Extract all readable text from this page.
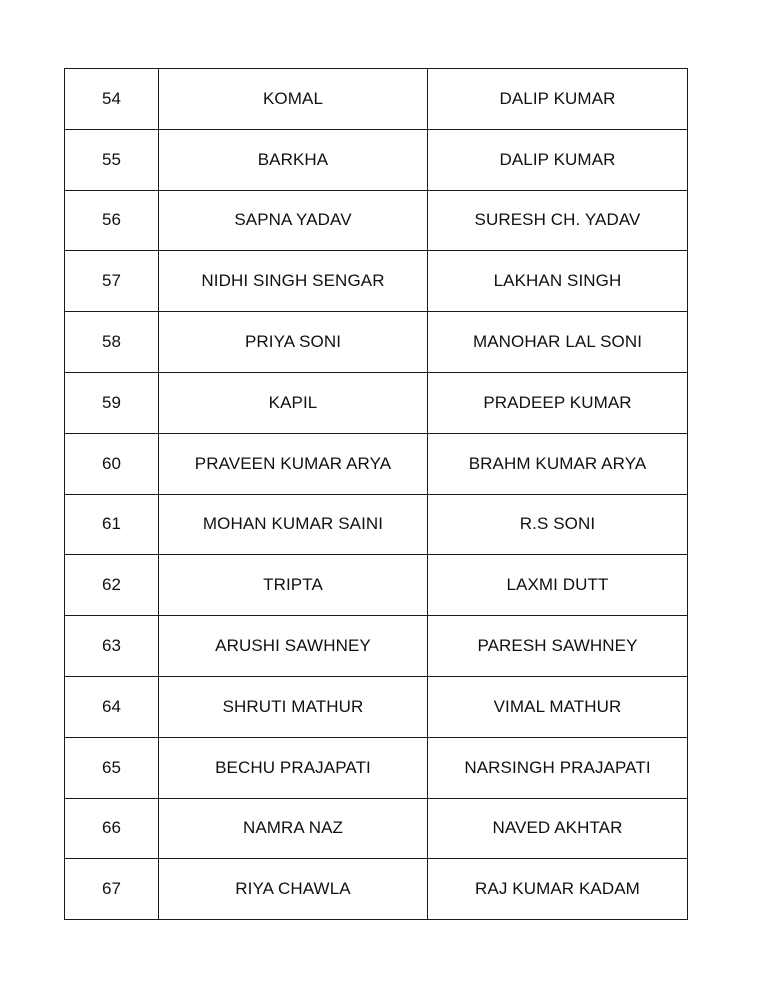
54	KOMAL	DALIP KUMAR
55	BARKHA	DALIP KUMAR
56	SAPNA YADAV	SURESH CH. YADAV
57	NIDHI SINGH SENGAR	LAKHAN SINGH
58	PRIYA SONI	MANOHAR LAL SONI
59	KAPIL	PRADEEP KUMAR
60	PRAVEEN KUMAR ARYA	BRAHM KUMAR ARYA
61	MOHAN KUMAR SAINI	R.S SONI
62	TRIPTA	LAXMI DUTT
63	ARUSHI SAWHNEY	PARESH SAWHNEY
64	SHRUTI MATHUR	VIMAL MATHUR
65	BECHU PRAJAPATI	NARSINGH PRAJAPATI
66	NAMRA NAZ	NAVED AKHTAR
67	RIYA CHAWLA	RAJ KUMAR KADAM
